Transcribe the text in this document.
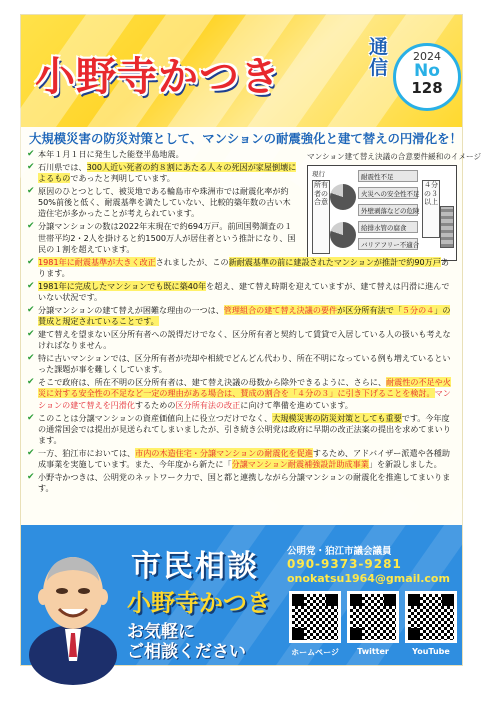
小野寺かつき
通信
2024
No
128
大規模災害の防災対策として、マンションの耐震強化と建て替えの円滑化を！
✔ 本年１月１日に発生した能登半島地震。
✔ 石川県では、300人近い死者の約８割にあたる人々の死因が家屋倒壊によるものであったと判明しています。
✔ 原因のひとつとして、被災地である輪島市や珠洲市では耐震化率が約50%前後と低く、耐震基準を満たしていない、比較的築年数の古い木造住宅が多かったことが考えられています。
✔ 分譲マンションの数は2022年末現在で約694万戸。前回国勢調査の１世帯平均2・2人を掛けると約1500万人が居住者という推計になり、国民の１割を超えています。
マンション建て替え決議の合意要件緩和のイメージ
現行
所有者の合意
耐震性不足
火災への安全性不足
外壁剥落などの危険
給排水管の腐食
バリアフリー不適合
４分の３以上
✔ 1981年に耐震基準が大きく改正されましたが、この新耐震基準の前に建設されたマンションが推計で約90万戸あります。
✔ 1981年に完成したマンションでも既に築40年を超え、建て替え時期を迎えていますが、建て替えは円滑に進んでいない状況です。
✔ 分譲マンションの建て替えが困難な理由の一つは、管理組合の建て替え決議の要件が区分所有法で「５分の４」の賛成と規定されていることです。
✔ 建て替えを望まない区分所有者への説得だけでなく、区分所有者と契約して賃貸で入居している人の扱いも考えなければなりません。
✔ 特に古いマンションでは、区分所有者が売却や相続でどんどん代わり、所在不明になっている例も増えているといった課題が事を難しくしています。
✔ そこで政府は、所在不明の区分所有者は、建て替え決議の母数から除外できるように、さらに、耐震性の不足や火災に対する安全性の不足など一定の理由がある場合は、賛成の割合を「４分の３」に引き下げることを検討。マンションの建て替えを円滑化するための区分所有法の改正に向けて準備を進めています。
✔ このことは分譲マンションの資産価値向上に役立つだけでなく、大規模災害の防災対策としても重要です。今年度の通常国会では提出が見送られてしまいましたが、引き続き公明党は政府に早期の改正法案の提出を求めてまいります。
✔ 一方、狛江市においては、市内の木造住宅・分譲マンションの耐震化を促進するため、アドバイザー派遣や各種助成事業を実施しています。また、今年度から新たに「分譲マンション耐震補強設計助成事業」を新設しました。
✔ 小野寺かつきは、公明党のネットワーク力で、国と都と連携しながら分譲マンションの耐震化を推進してまいります。
市民相談	公明党・狛江市議会議員
090-9373-9281
onokatsu1964@gmail.com
小野寺かつき
お気軽に
ご相談ください	ホームページ	Twitter	YouTube
